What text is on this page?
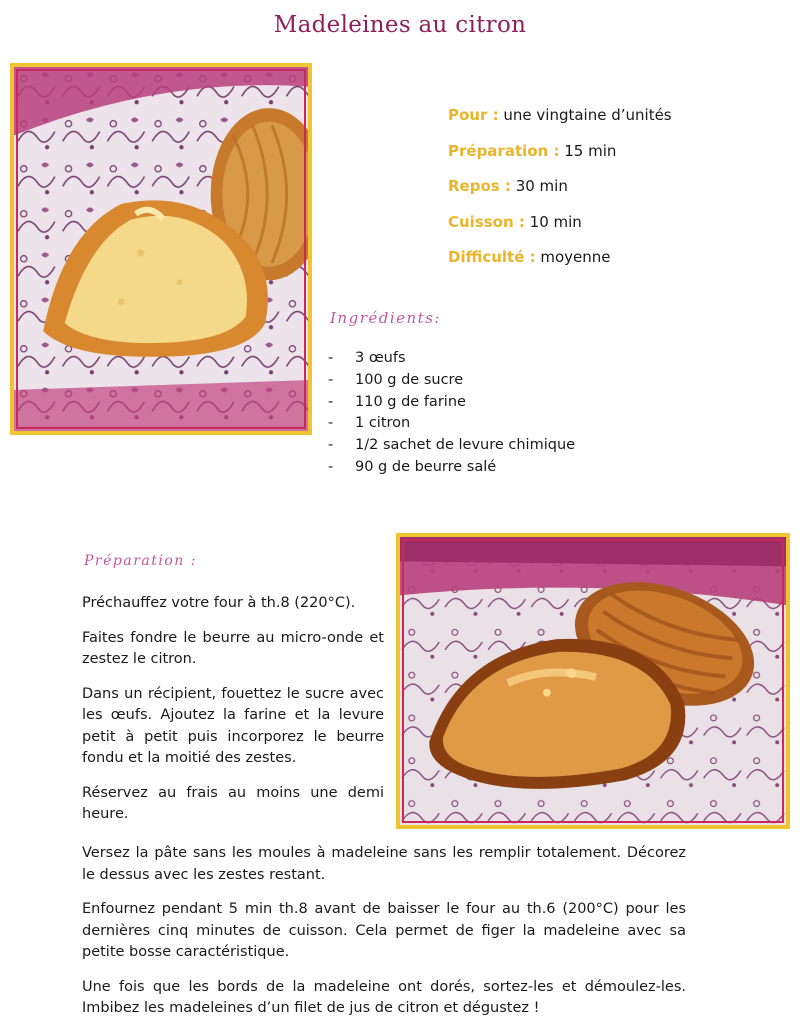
Madeleines au citron
Pour : une vingtaine d’unités
Préparation : 15 min
Repos : 30 min
Cuisson : 10 min
Difficulté : moyenne
Ingrédients:
- 3 œufs
- 100 g de sucre
- 110 g de farine
- 1 citron
- 1/2 sachet de levure chimique
- 90 g de beurre salé
Préparation :

Préchauffez votre four à th.8 (220°C).

Faites fondre le beurre au micro-onde et zestez le citron.

Dans un récipient, fouettez le sucre avec les œufs. Ajoutez la farine et la levure petit à petit puis incorporez le beurre fondu et la moitié des zestes.

Réservez au frais au moins une demi heure.

Versez la pâte sans les moules à madeleine sans les remplir totalement. Décorez le dessus avec les zestes restant.

Enfournez pendant 5 min th.8 avant de baisser le four au th.6 (200°C) pour les dernières cinq minutes de cuisson. Cela permet de figer la madeleine avec sa petite bosse caractéristique.

Une fois que les bords de la madeleine ont dorés, sortez-les et démoulez-les. Imbibez les madeleines d’un filet de jus de citron et dégustez !
